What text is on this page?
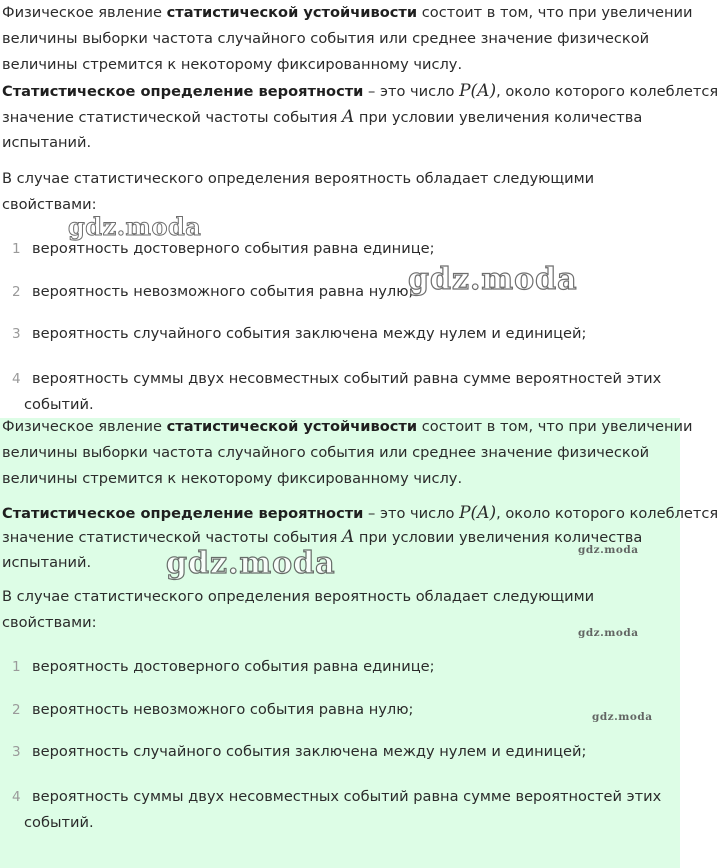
Физическое явление статистической устойчивости состоит в том, что при увеличении

величины выборки частота случайного события или среднее значение физической

величины стремится к некоторому фиксированному числу.

Статистическое определение вероятности – это число P(A), около которого колеблется

значение статистической частоты события A при условии увеличения количества

испытаний.

В случае статистического определения вероятность обладает следующими

свойствами:

1 вероятность достоверного события равна единице;
2 вероятность невозможного события равна нулю;
3 вероятность случайного события заключена между нулем и единицей;
4 вероятность суммы двух несовместных событий равна сумме вероятностей этих
событий.
gdz.moda
gdz.moda

Физическое явление статистической устойчивости состоит в том, что при увеличении

величины выборки частота случайного события или среднее значение физической

величины стремится к некоторому фиксированному числу.

Статистическое определение вероятности – это число P(A), около которого колеблется

значение статистической частоты события A при условии увеличения количества

испытаний.

В случае статистического определения вероятность обладает следующими

свойствами:

1 вероятность достоверного события равна единице;
2 вероятность невозможного события равна нулю;
3 вероятность случайного события заключена между нулем и единицей;
4 вероятность суммы двух несовместных событий равна сумме вероятностей этих
событий.
gdz.moda	gdz.moda
gdz.moda
gdz.moda
